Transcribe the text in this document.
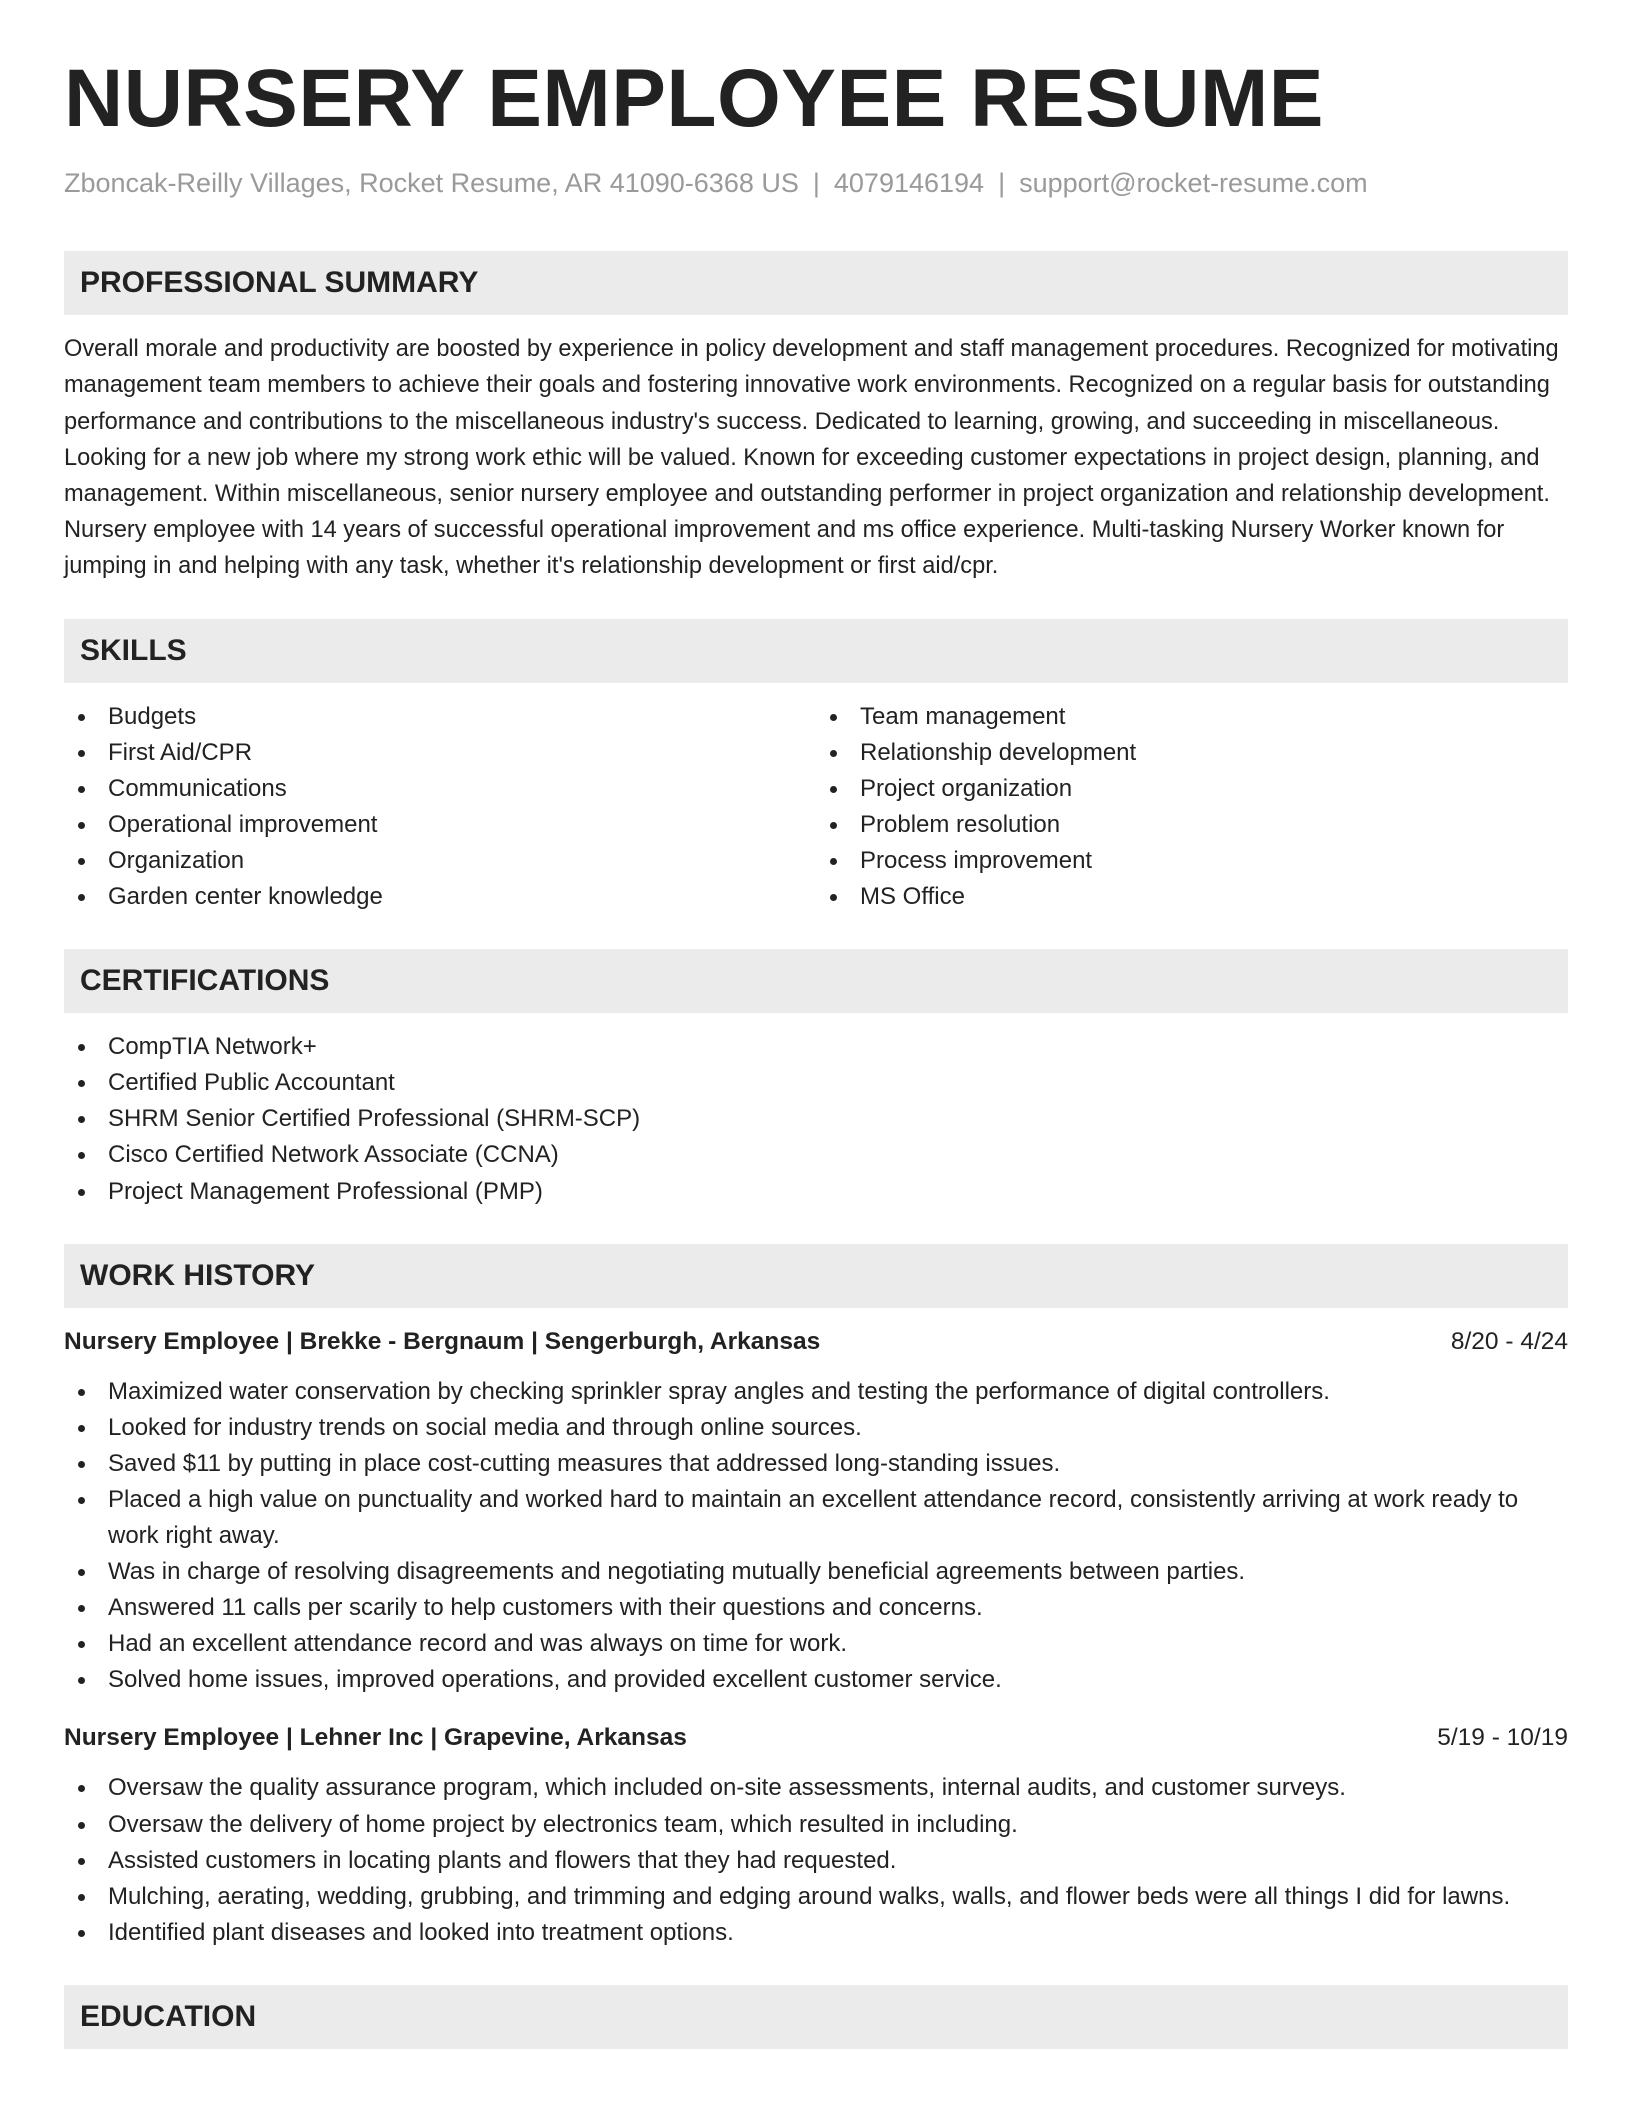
NURSERY EMPLOYEE RESUME
Zboncak-Reilly Villages, Rocket Resume, AR 41090-6368 US | 4079146194 | support@rocket-resume.com
PROFESSIONAL SUMMARY

Overall morale and productivity are boosted by experience in policy development and staff management procedures. Recognized for motivating management team members to achieve their goals and fostering innovative work environments. Recognized on a regular basis for outstanding performance and contributions to the miscellaneous industry's success. Dedicated to learning, growing, and succeeding in miscellaneous. Looking for a new job where my strong work ethic will be valued. Known for exceeding customer expectations in project design, planning, and management. Within miscellaneous, senior nursery employee and outstanding performer in project organization and relationship development. Nursery employee with 14 years of successful operational improvement and ms office experience. Multi-tasking Nursery Worker known for jumping in and helping with any task, whether it's relationship development or first aid/cpr.

SKILLS
Budgets
First Aid/CPR
Communications
Operational improvement
Organization
Garden center knowledge
Team management
Relationship development
Project organization
Problem resolution
Process improvement
MS Office
CERTIFICATIONS
CompTIA Network+
Certified Public Accountant
SHRM Senior Certified Professional (SHRM-SCP)
Cisco Certified Network Associate (CCNA)
Project Management Professional (PMP)
WORK HISTORY
Nursery Employee | Brekke - Bergnaum | Sengerburgh, Arkansas	8/20 - 4/24
Maximized water conservation by checking sprinkler spray angles and testing the performance of digital controllers.
Looked for industry trends on social media and through online sources.
Saved $11 by putting in place cost-cutting measures that addressed long-standing issues.
Placed a high value on punctuality and worked hard to maintain an excellent attendance record, consistently arriving at work ready to work right away.
Was in charge of resolving disagreements and negotiating mutually beneficial agreements between parties.
Answered 11 calls per scarily to help customers with their questions and concerns.
Had an excellent attendance record and was always on time for work.
Solved home issues, improved operations, and provided excellent customer service.
Nursery Employee | Lehner Inc | Grapevine, Arkansas	5/19 - 10/19
Oversaw the quality assurance program, which included on-site assessments, internal audits, and customer surveys.
Oversaw the delivery of home project by electronics team, which resulted in including.
Assisted customers in locating plants and flowers that they had requested.
Mulching, aerating, wedding, grubbing, and trimming and edging around walks, walls, and flower beds were all things I did for lawns.
Identified plant diseases and looked into treatment options.
EDUCATION
